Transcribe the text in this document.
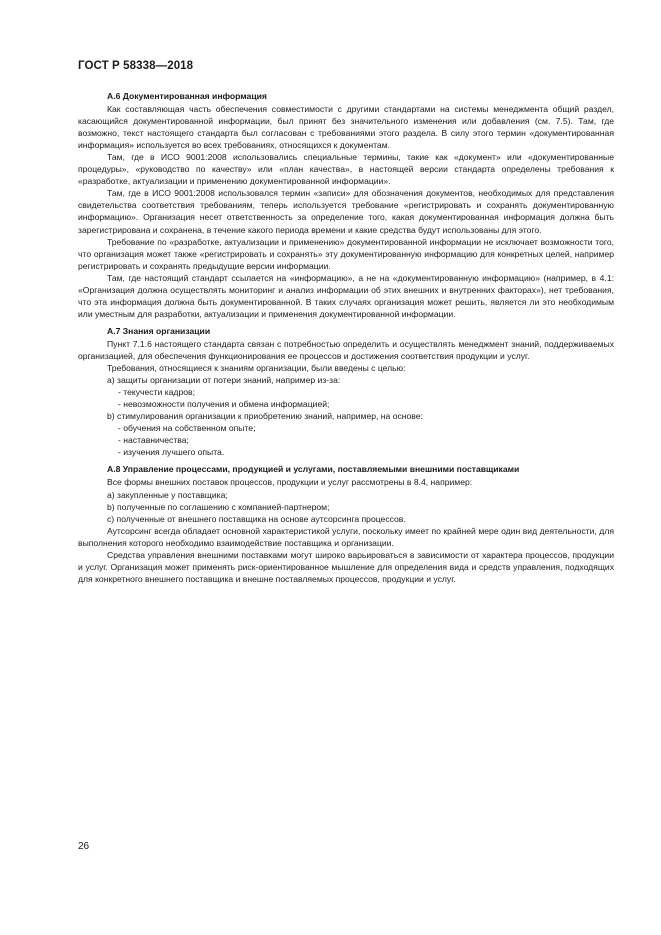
ГОСТ Р 58338—2018
А.6 Документированная информация

Как составляющая часть обеспечения совместимости с другими стандартами на системы менеджмента общий раздел, касающийся документированной информации, был принят без значительного изменения или добавления (см. 7.5). Там, где возможно, текст настоящего стандарта был согласован с требованиями этого раздела. В силу этого термин «документированная информация» используется во всех требованиях, относящихся к документам.

Там, где в ИСО 9001:2008 использовались специальные термины, такие как «документ» или «документированные процедуры», «руководство по качеству» или «план качества», в настоящей версии стандарта определены требования к «разработке, актуализации и применению документированной информации».

Там, где в ИСО 9001:2008 использовался термин «записи» для обозначения документов, необходимых для представления свидетельства соответствия требованиям, теперь используется требование «регистрировать и сохранять документированную информацию». Организация несет ответственность за определение того, какая документированная информация должна быть зарегистрирована и сохранена, в течение какого периода времени и какие средства будут использованы для этого.

Требование по «разработке, актуализации и применению» документированной информации не исключает возможности того, что организация может также «регистрировать и сохранять» эту документированную информацию для конкретных целей, например регистрировать и сохранять предыдущие версии информации.

Там, где настоящий стандарт ссылается на «информацию», а не на «документированную информацию» (например, в 4.1: «Организация должна осуществлять мониторинг и анализ информации об этих внешних и внутренних факторах»), нет требования, что эта информация должна быть документированной. В таких случаях организация может решить, является ли это необходимым или уместным для разработки, актуализации и применения документированной информации.

А.7 Знания организации

Пункт 7.1.6 настоящего стандарта связан с потребностью определить и осуществлять менеджмент знаний, поддерживаемых организацией, для обеспечения функционирования ее процессов и достижения соответствия продукции и услуг.

Требования, относящиеся к знаниям организации, были введены с целью:

a) защиты организации от потери знаний, например из-за:

- текучести кадров;

- невозможности получения и обмена информацией;

b) стимулирования организации к приобретению знаний, например, на основе:

- обучения на собственном опыте;

- наставничества;

- изучения лучшего опыта.

А.8 Управление процессами, продукцией и услугами, поставляемыми внешними поставщиками

Все формы внешних поставок процессов, продукции и услуг рассмотрены в 8.4, например:

a) закупленные у поставщика;

b) полученные по соглашению с компанией-партнером;

c) полученные от внешнего поставщика на основе аутсорсинга процессов.

Аутсорсинг всегда обладает основной характеристикой услуги, поскольку имеет по крайней мере один вид деятельности, для выполнения которого необходимо взаимодействие поставщика и организации.

Средства управления внешними поставками могут широко варьироваться в зависимости от характера процессов, продукции и услуг. Организация может применять риск-ориентированное мышление для определения вида и средств управления, подходящих для конкретного внешнего поставщика и внешне поставляемых процессов, продукции и услуг.

26
